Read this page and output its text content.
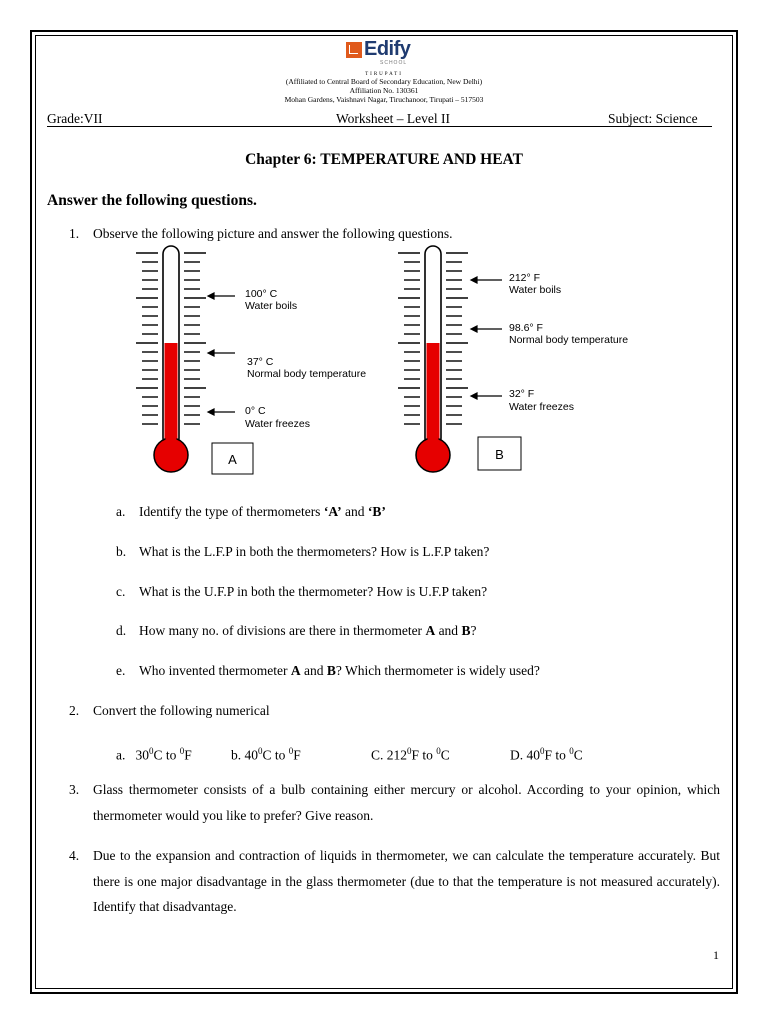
Edify
SCHOOL
TIRUPATI
(Affiliated to Central Board of Secondary Education, New Delhi)
Affiliation No. 130361
Mohan Gardens, Vaishnavi Nagar, Tiruchanoor, Tirupati – 517503
Grade:VII	Worksheet – Level II	Subject: Science
Chapter 6: TEMPERATURE AND HEAT
Answer the following questions.
1. Observe the following picture and answer the following questions.
100° C
Water boils
37° C
Normal body temperature
0° C
Water freezes
A
212° F
Water boils
98.6° F
Normal body temperature
32° F
Water freezes
B
a. Identify the type of thermometers ‘A’ and ‘B’
b. What is the L.F.P in both the thermometers? How is L.F.P taken?
c. What is the U.F.P in both the thermometer? How is U.F.P taken?
d. How many no. of divisions are there in thermometer A and B?
e. Who invented thermometer A and B? Which thermometer is widely used?
2. Convert the following numerical
a. $30^0C$ to $^0$F	b. $40^0C$ to $^0$F	C. $212^0F$ to $^0$C	D. $40^0F$ to $^0$C
3. Glass thermometer consists of a bulb containing either mercury or alcohol. According to your opinion, which thermometer would you like to prefer? Give reason.
4. Due to the expansion and contraction of liquids in thermometer, we can calculate the temperature accurately. But there is one major disadvantage in the glass thermometer (due to that the temperature is not measured accurately). Identify that disadvantage.
1
